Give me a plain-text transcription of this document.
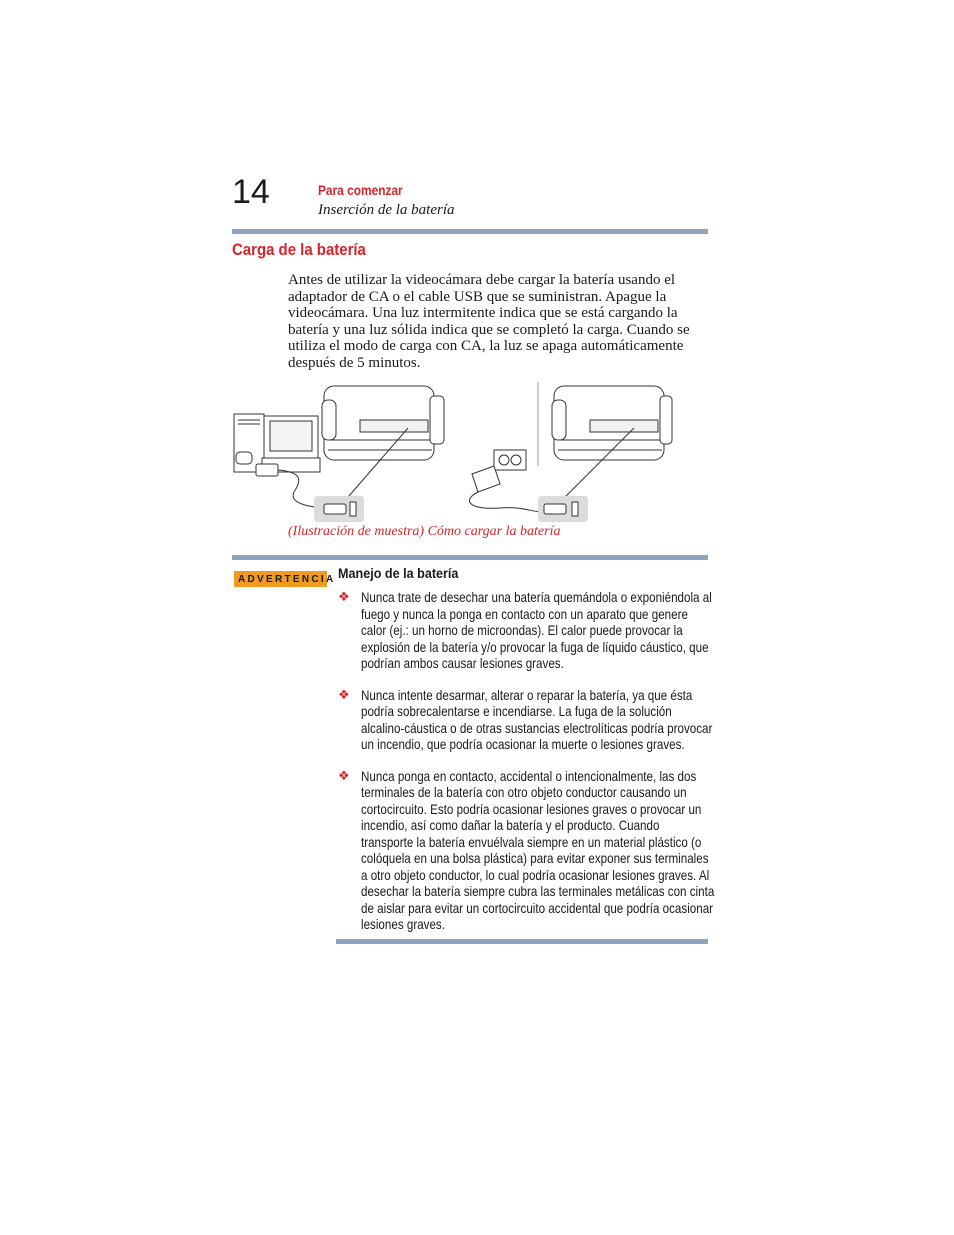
14	Para comenzar
Inserción de la batería
Carga de la batería
Antes de utilizar la videocámara debe cargar la batería usando el adaptador de CA o el cable USB que se suministran. Apague la videocámara. Una luz intermitente indica que se está cargando la batería y una luz sólida indica que se completó la carga. Cuando se utiliza el modo de carga con CA, la luz se apaga automáticamente después de 5 minutos.
(Ilustración de muestra) Cómo cargar la batería
ADVERTENCIA Manejo de la batería
❖ Nunca trate de desechar una batería quemándola o exponiéndola al fuego y nunca la ponga en contacto con un aparato que genere calor (ej.: un horno de microondas). El calor puede provocar la explosión de la batería y/o provocar la fuga de líquido cáustico, que podrían ambos causar lesiones graves.
❖ Nunca intente desarmar, alterar o reparar la batería, ya que ésta podría sobrecalentarse e incendiarse. La fuga de la solución alcalino-cáustica o de otras sustancias electrolíticas podría provocar un incendio, que podría ocasionar la muerte o lesiones graves.
❖ Nunca ponga en contacto, accidental o intencionalmente, las dos terminales de la batería con otro objeto conductor causando un cortocircuito. Esto podría ocasionar lesiones graves o provocar un incendio, así como dañar la batería y el producto. Cuando transporte la batería envuélvala siempre en un material plástico (o colóquela en una bolsa plástica) para evitar exponer sus terminales a otro objeto conductor, lo cual podría ocasionar lesiones graves. Al desechar la batería siempre cubra las terminales metálicas con cinta de aislar para evitar un cortocircuito accidental que podría ocasionar lesiones graves.
